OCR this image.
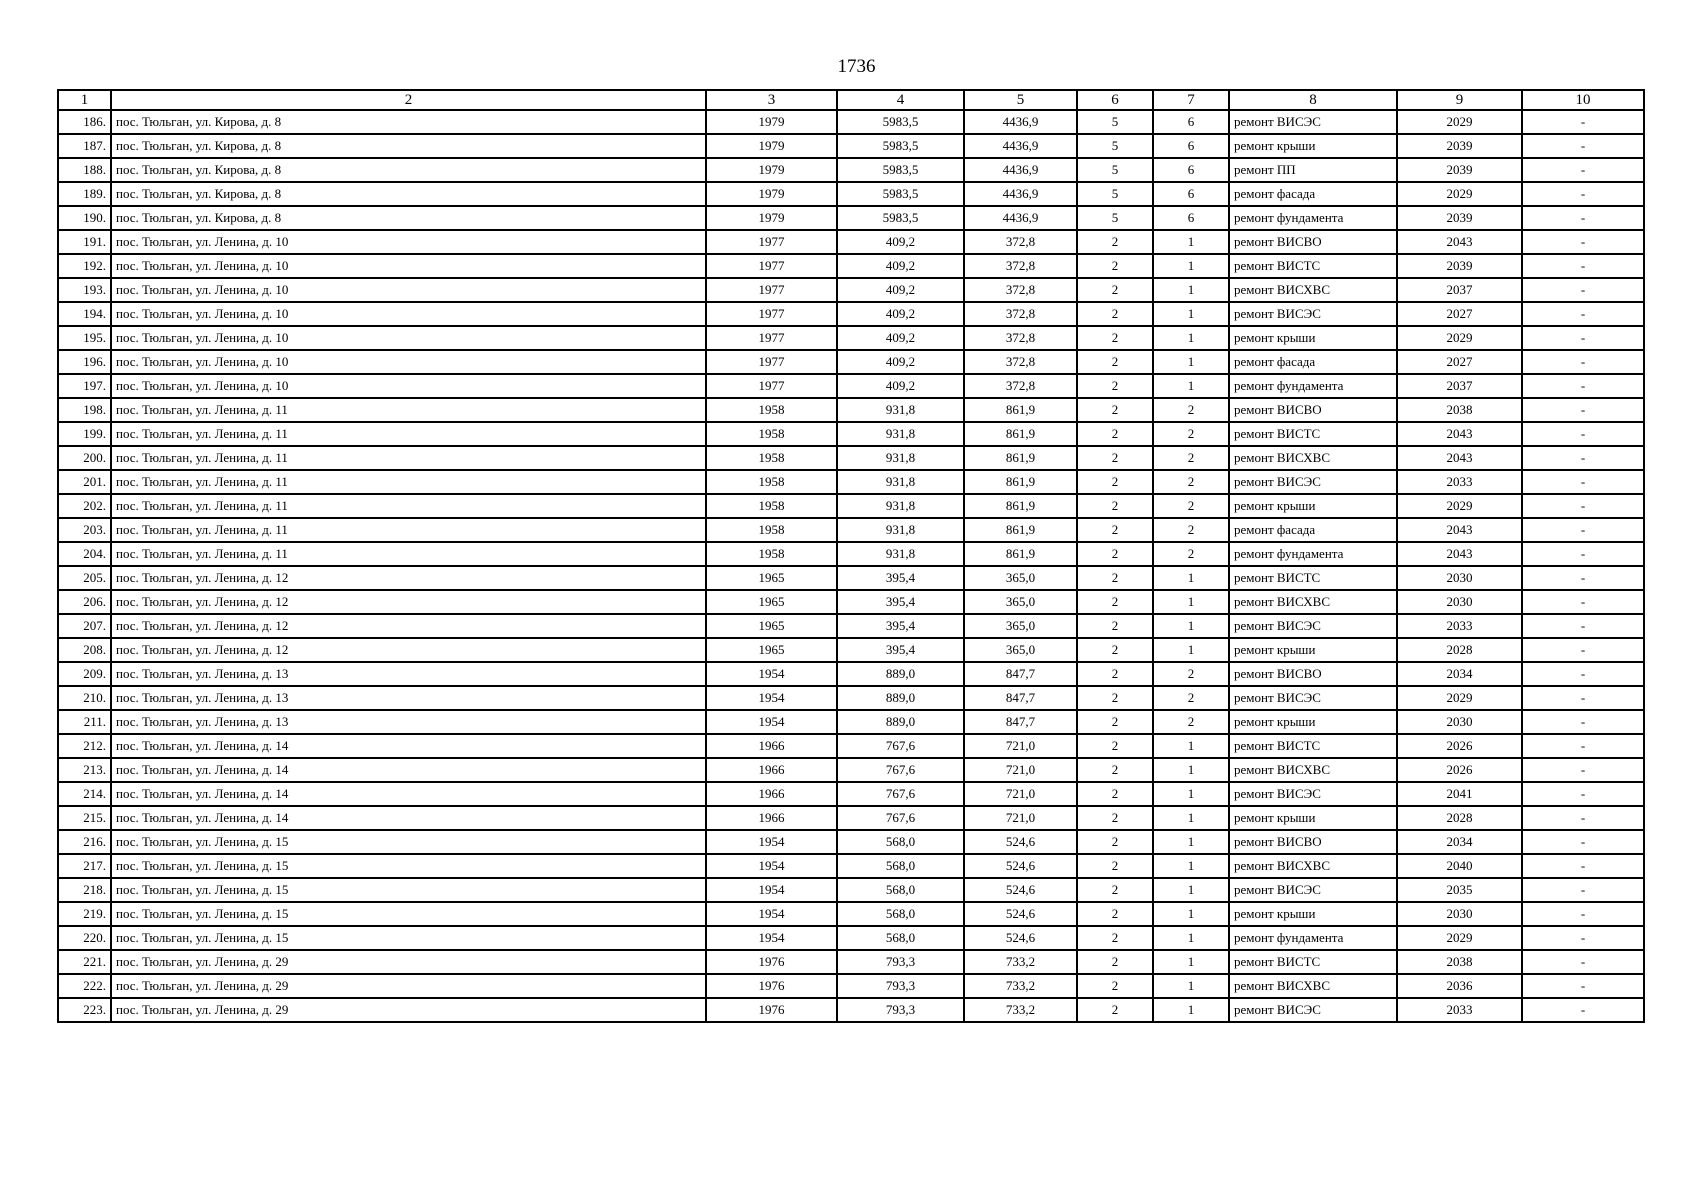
1736
1	2	3	4	5	6	7	8	9	10
186.	пос. Тюльган, ул. Кирова, д. 8	1979	5983,5	4436,9	5	6	ремонт ВИСЭС	2029	-
187.	пос. Тюльган, ул. Кирова, д. 8	1979	5983,5	4436,9	5	6	ремонт крыши	2039	-
188.	пос. Тюльган, ул. Кирова, д. 8	1979	5983,5	4436,9	5	6	ремонт ПП	2039	-
189.	пос. Тюльган, ул. Кирова, д. 8	1979	5983,5	4436,9	5	6	ремонт фасада	2029	-
190.	пос. Тюльган, ул. Кирова, д. 8	1979	5983,5	4436,9	5	6	ремонт фундамента	2039	-
191.	пос. Тюльган, ул. Ленина, д. 10	1977	409,2	372,8	2	1	ремонт ВИСВО	2043	-
192.	пос. Тюльган, ул. Ленина, д. 10	1977	409,2	372,8	2	1	ремонт ВИСТС	2039	-
193.	пос. Тюльган, ул. Ленина, д. 10	1977	409,2	372,8	2	1	ремонт ВИСХВС	2037	-
194.	пос. Тюльган, ул. Ленина, д. 10	1977	409,2	372,8	2	1	ремонт ВИСЭС	2027	-
195.	пос. Тюльган, ул. Ленина, д. 10	1977	409,2	372,8	2	1	ремонт крыши	2029	-
196.	пос. Тюльган, ул. Ленина, д. 10	1977	409,2	372,8	2	1	ремонт фасада	2027	-
197.	пос. Тюльган, ул. Ленина, д. 10	1977	409,2	372,8	2	1	ремонт фундамента	2037	-
198.	пос. Тюльган, ул. Ленина, д. 11	1958	931,8	861,9	2	2	ремонт ВИСВО	2038	-
199.	пос. Тюльган, ул. Ленина, д. 11	1958	931,8	861,9	2	2	ремонт ВИСТС	2043	-
200.	пос. Тюльган, ул. Ленина, д. 11	1958	931,8	861,9	2	2	ремонт ВИСХВС	2043	-
201.	пос. Тюльган, ул. Ленина, д. 11	1958	931,8	861,9	2	2	ремонт ВИСЭС	2033	-
202.	пос. Тюльган, ул. Ленина, д. 11	1958	931,8	861,9	2	2	ремонт крыши	2029	-
203.	пос. Тюльган, ул. Ленина, д. 11	1958	931,8	861,9	2	2	ремонт фасада	2043	-
204.	пос. Тюльган, ул. Ленина, д. 11	1958	931,8	861,9	2	2	ремонт фундамента	2043	-
205.	пос. Тюльган, ул. Ленина, д. 12	1965	395,4	365,0	2	1	ремонт ВИСТС	2030	-
206.	пос. Тюльган, ул. Ленина, д. 12	1965	395,4	365,0	2	1	ремонт ВИСХВС	2030	-
207.	пос. Тюльган, ул. Ленина, д. 12	1965	395,4	365,0	2	1	ремонт ВИСЭС	2033	-
208.	пос. Тюльган, ул. Ленина, д. 12	1965	395,4	365,0	2	1	ремонт крыши	2028	-
209.	пос. Тюльган, ул. Ленина, д. 13	1954	889,0	847,7	2	2	ремонт ВИСВО	2034	-
210.	пос. Тюльган, ул. Ленина, д. 13	1954	889,0	847,7	2	2	ремонт ВИСЭС	2029	-
211.	пос. Тюльган, ул. Ленина, д. 13	1954	889,0	847,7	2	2	ремонт крыши	2030	-
212.	пос. Тюльган, ул. Ленина, д. 14	1966	767,6	721,0	2	1	ремонт ВИСТС	2026	-
213.	пос. Тюльган, ул. Ленина, д. 14	1966	767,6	721,0	2	1	ремонт ВИСХВС	2026	-
214.	пос. Тюльган, ул. Ленина, д. 14	1966	767,6	721,0	2	1	ремонт ВИСЭС	2041	-
215.	пос. Тюльган, ул. Ленина, д. 14	1966	767,6	721,0	2	1	ремонт крыши	2028	-
216.	пос. Тюльган, ул. Ленина, д. 15	1954	568,0	524,6	2	1	ремонт ВИСВО	2034	-
217.	пос. Тюльган, ул. Ленина, д. 15	1954	568,0	524,6	2	1	ремонт ВИСХВС	2040	-
218.	пос. Тюльган, ул. Ленина, д. 15	1954	568,0	524,6	2	1	ремонт ВИСЭС	2035	-
219.	пос. Тюльган, ул. Ленина, д. 15	1954	568,0	524,6	2	1	ремонт крыши	2030	-
220.	пос. Тюльган, ул. Ленина, д. 15	1954	568,0	524,6	2	1	ремонт фундамента	2029	-
221.	пос. Тюльган, ул. Ленина, д. 29	1976	793,3	733,2	2	1	ремонт ВИСТС	2038	-
222.	пос. Тюльган, ул. Ленина, д. 29	1976	793,3	733,2	2	1	ремонт ВИСХВС	2036	-
223.	пос. Тюльган, ул. Ленина, д. 29	1976	793,3	733,2	2	1	ремонт ВИСЭС	2033	-
